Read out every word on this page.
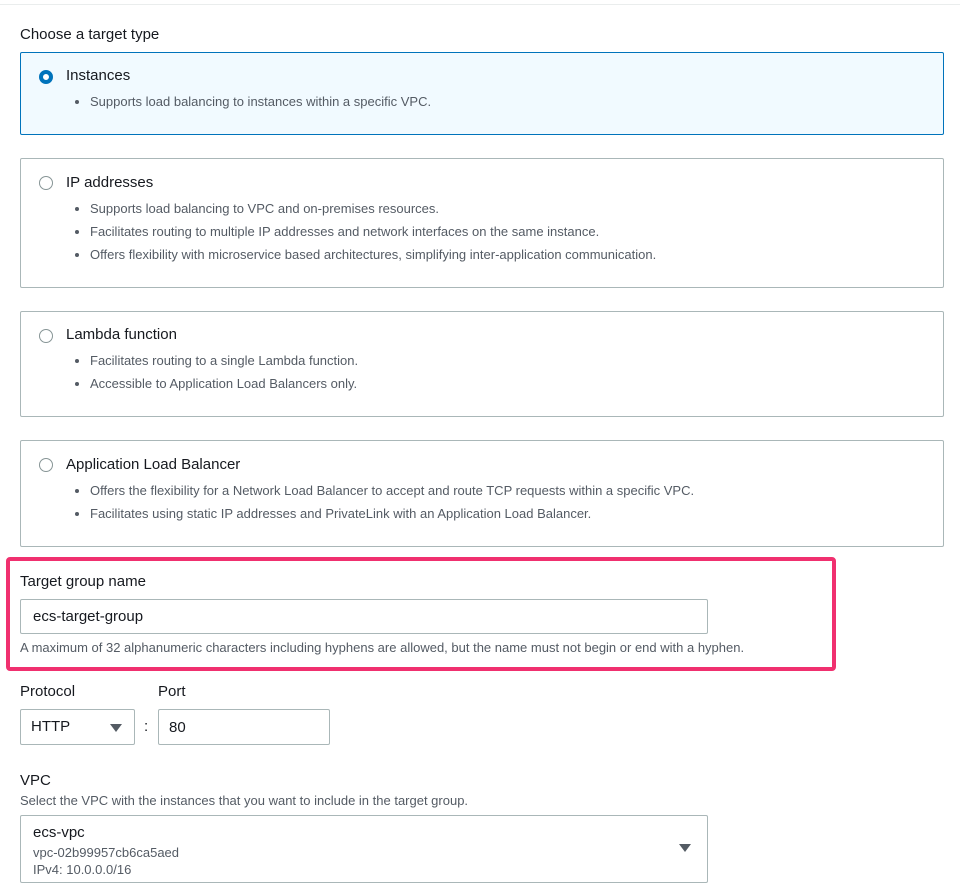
Choose a target type
Instances
Supports load balancing to instances within a specific VPC.
IP addresses
Supports load balancing to VPC and on-premises resources.
Facilitates routing to multiple IP addresses and network interfaces on the same instance.
Offers flexibility with microservice based architectures, simplifying inter-application communication.
Lambda function
Facilitates routing to a single Lambda function.
Accessible to Application Load Balancers only.
Application Load Balancer
Offers the flexibility for a Network Load Balancer to accept and route TCP requests within a specific VPC.
Facilitates using static IP addresses and PrivateLink with an Application Load Balancer.
Target group name
ecs-target-group
A maximum of 32 alphanumeric characters including hyphens are allowed, but the name must not begin or end with a hyphen.
Protocol	Port
HTTP	:
80
VPC
Select the VPC with the instances that you want to include in the target group.
ecs-vpc
vpc-02b99957cb6ca5aed
IPv4: 10.0.0.0/16
